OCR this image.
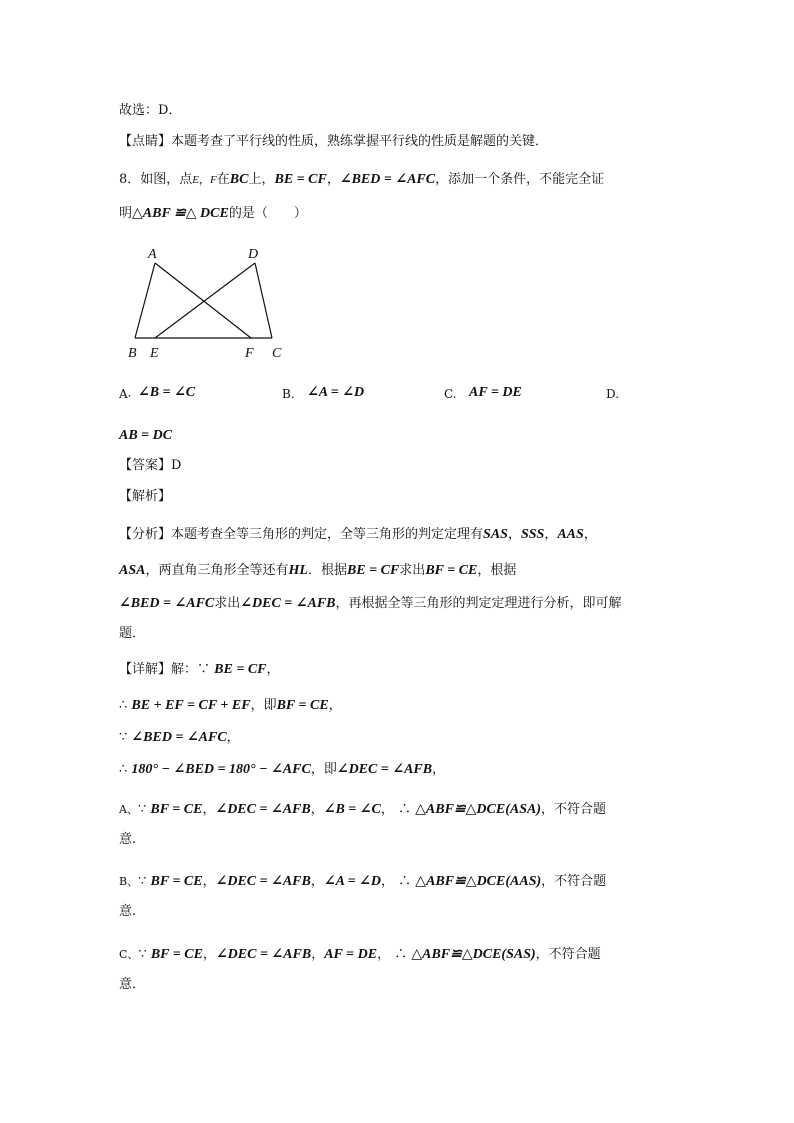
故选：D．
【点睛】本题考查了平行线的性质，熟练掌握平行线的性质是解题的关键．
8．如图，点E，F在BC上，BE = CF，∠BED = ∠AFC，添加一个条件，不能完全证
明△ABF ≌△ DCE的是（　　）
A	D
B E	F C
A．
∠B = ∠C	B. ∠A = ∠D	C. AF = DE	D.
AB = DC
【答案】D
【解析】
【分析】本题考查全等三角形的判定，全等三角形的判定定理有SAS，SSS，AAS，
ASA，两直角三角形全等还有HL．根据BE = CF求出BF = CE，根据
∠BED = ∠AFC求出∠DEC = ∠AFB，再根据全等三角形的判定定理进行分析，即可解
题．
【详解】解：∵ BE = CF，
∴ BE + EF = CF + EF，即BF = CE，
∵ ∠BED = ∠AFC，
∴ 180° − ∠BED = 180° − ∠AFC，即∠DEC = ∠AFB，
A、∵ BF = CE，∠DEC = ∠AFB，∠B = ∠C， ∴ △ABF≌△DCE(ASA)，不符合题
意．
B、∵ BF = CE，∠DEC = ∠AFB，∠A = ∠D， ∴ △ABF≌△DCE(AAS)，不符合题
意．
C、∵ BF = CE，∠DEC = ∠AFB，AF = DE， ∴ △ABF≌△DCE(SAS)，不符合题
意．
